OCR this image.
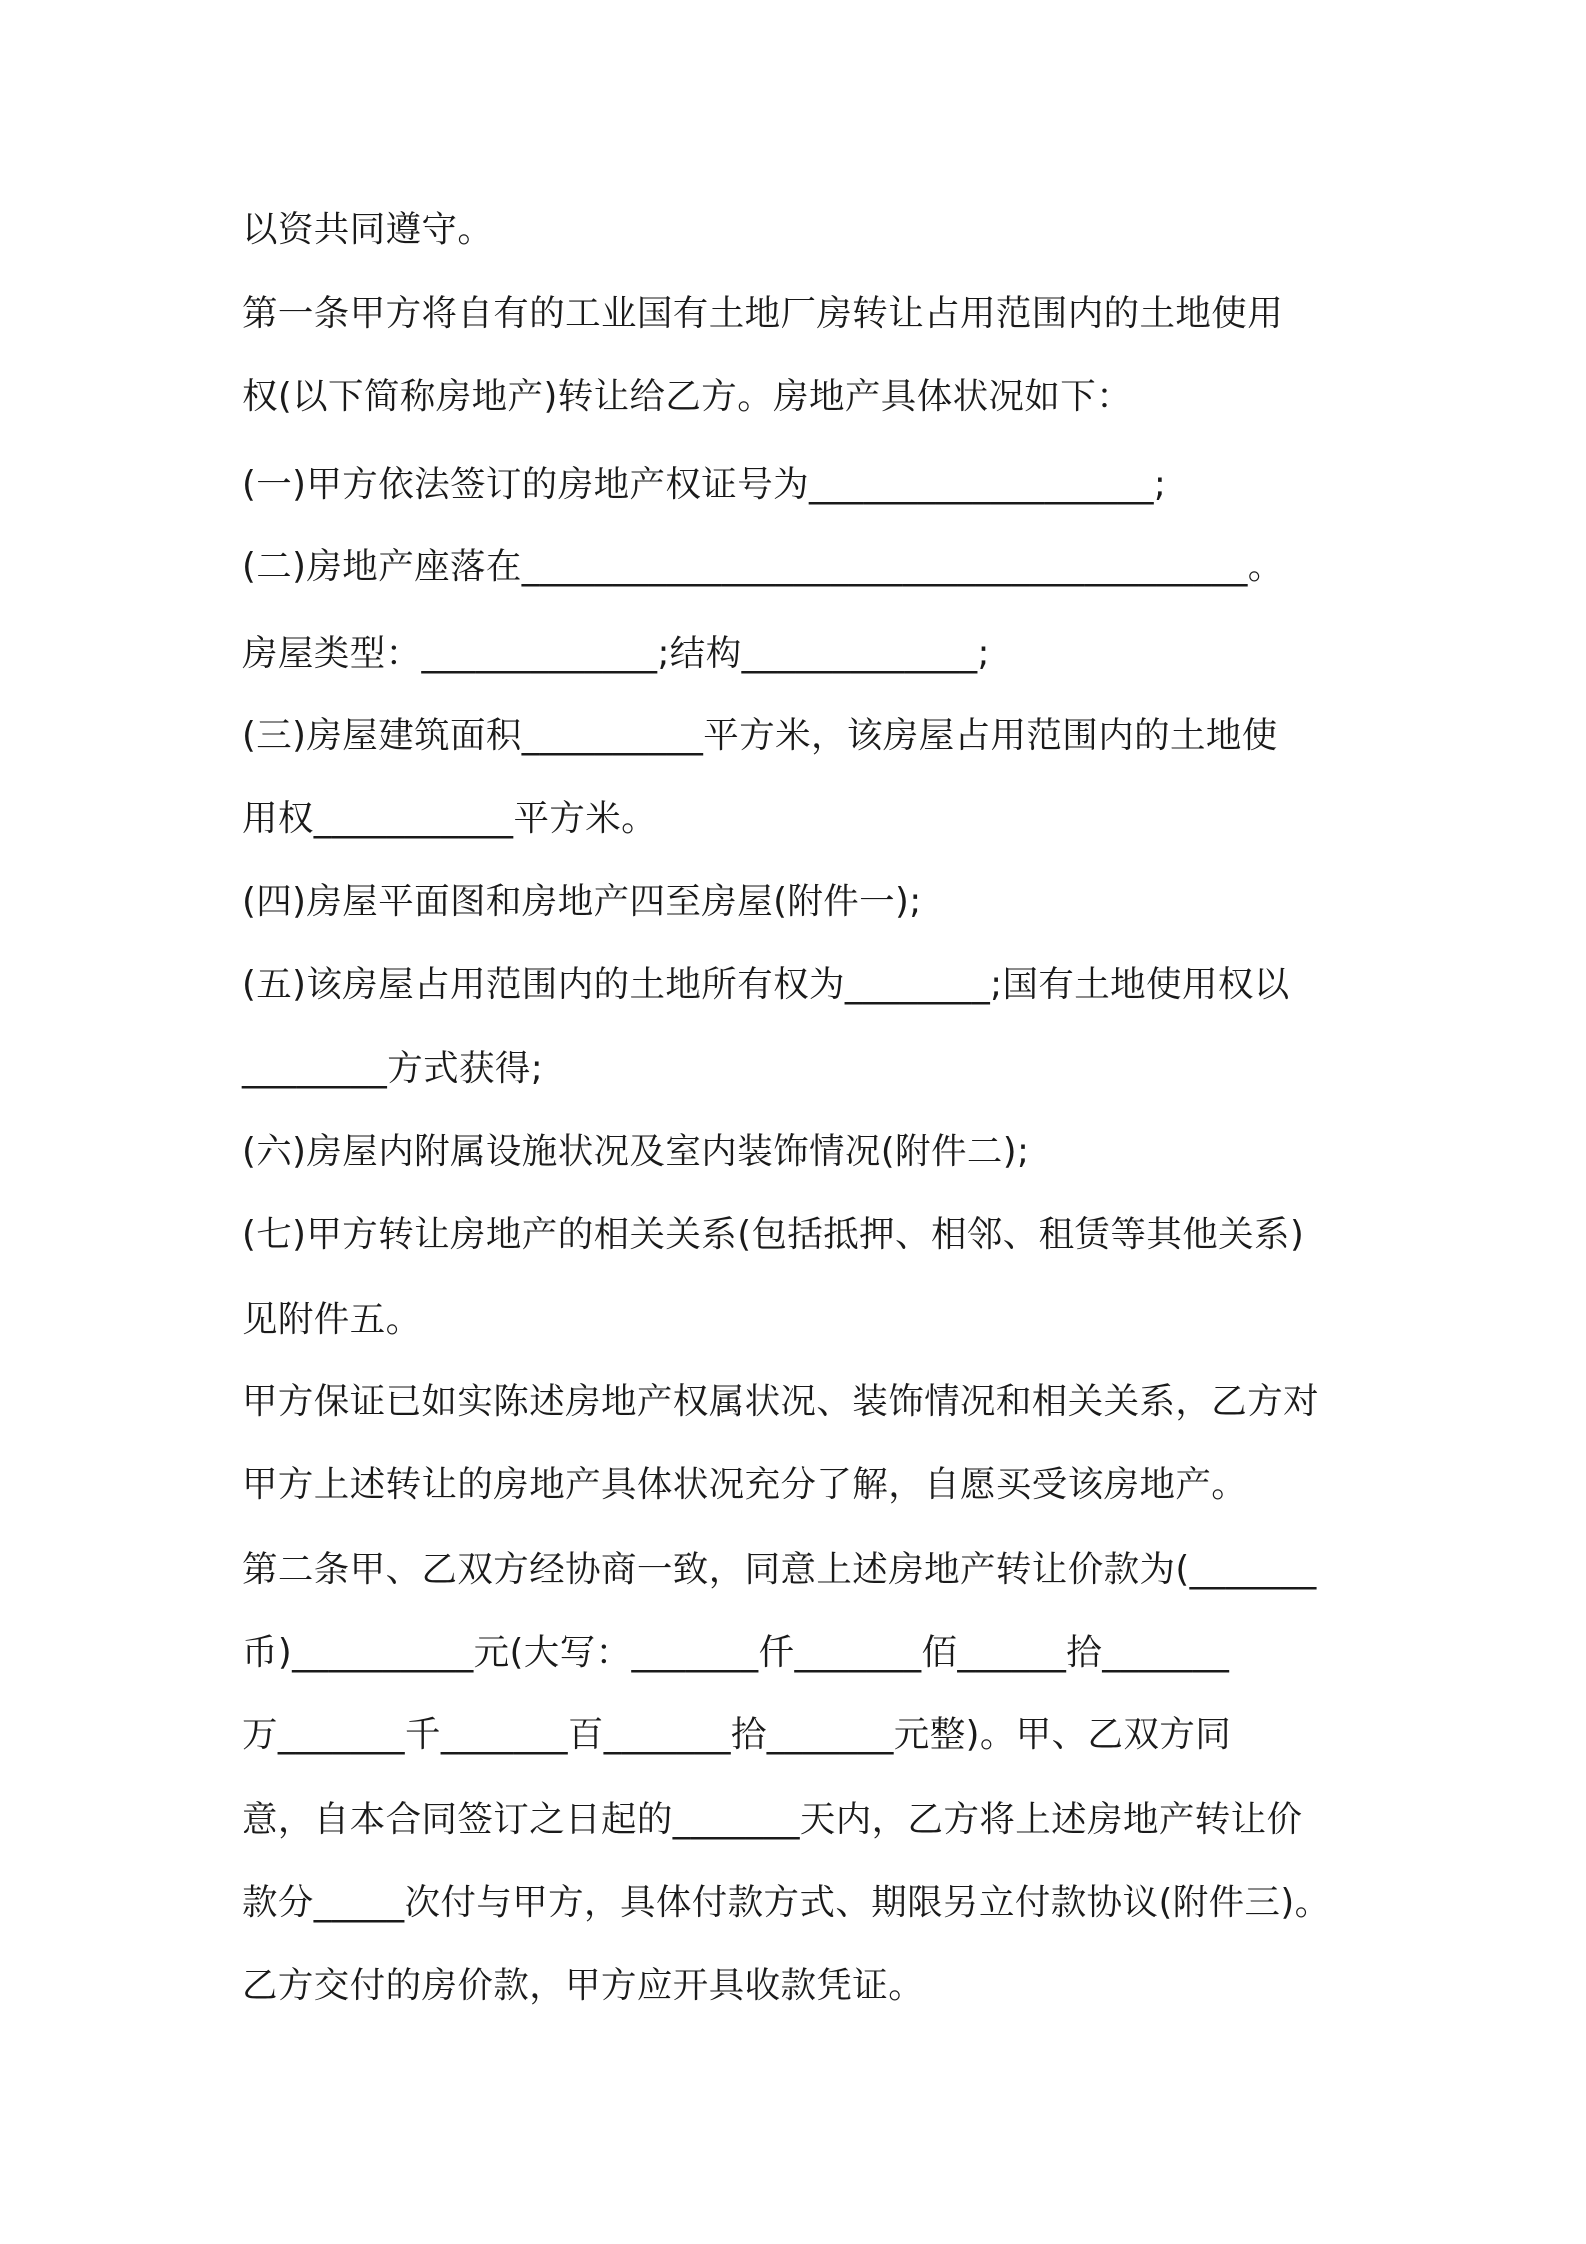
以资共同遵守。
第一条甲方将自有的工业国有土地厂房转让占用范围内的土地使用
权(以下简称房地产)转让给乙方。房地产具体状况如下：
(一)甲方依法签订的房地产权证号为___________________;
(二)房地产座落在________________________________________。
房屋类型：_____________;结构_____________;
(三)房屋建筑面积__________平方米，该房屋占用范围内的土地使
用权___________平方米。
(四)房屋平面图和房地产四至房屋(附件一);
(五)该房屋占用范围内的土地所有权为________;国有土地使用权以
________方式获得;
(六)房屋内附属设施状况及室内装饰情况(附件二);
(七)甲方转让房地产的相关关系(包括抵押、相邻、租赁等其他关系)
见附件五。
甲方保证已如实陈述房地产权属状况、装饰情况和相关关系，乙方对
甲方上述转让的房地产具体状况充分了解，自愿买受该房地产。
第二条甲、乙双方经协商一致，同意上述房地产转让价款为(_______
币)__________元(大写：_______仟_______佰______拾_______
万_______千_______百_______拾_______元整)。甲、乙双方同
意，自本合同签订之日起的_______天内，乙方将上述房地产转让价
款分_____次付与甲方，具体付款方式、期限另立付款协议(附件三)。
乙方交付的房价款，甲方应开具收款凭证。
